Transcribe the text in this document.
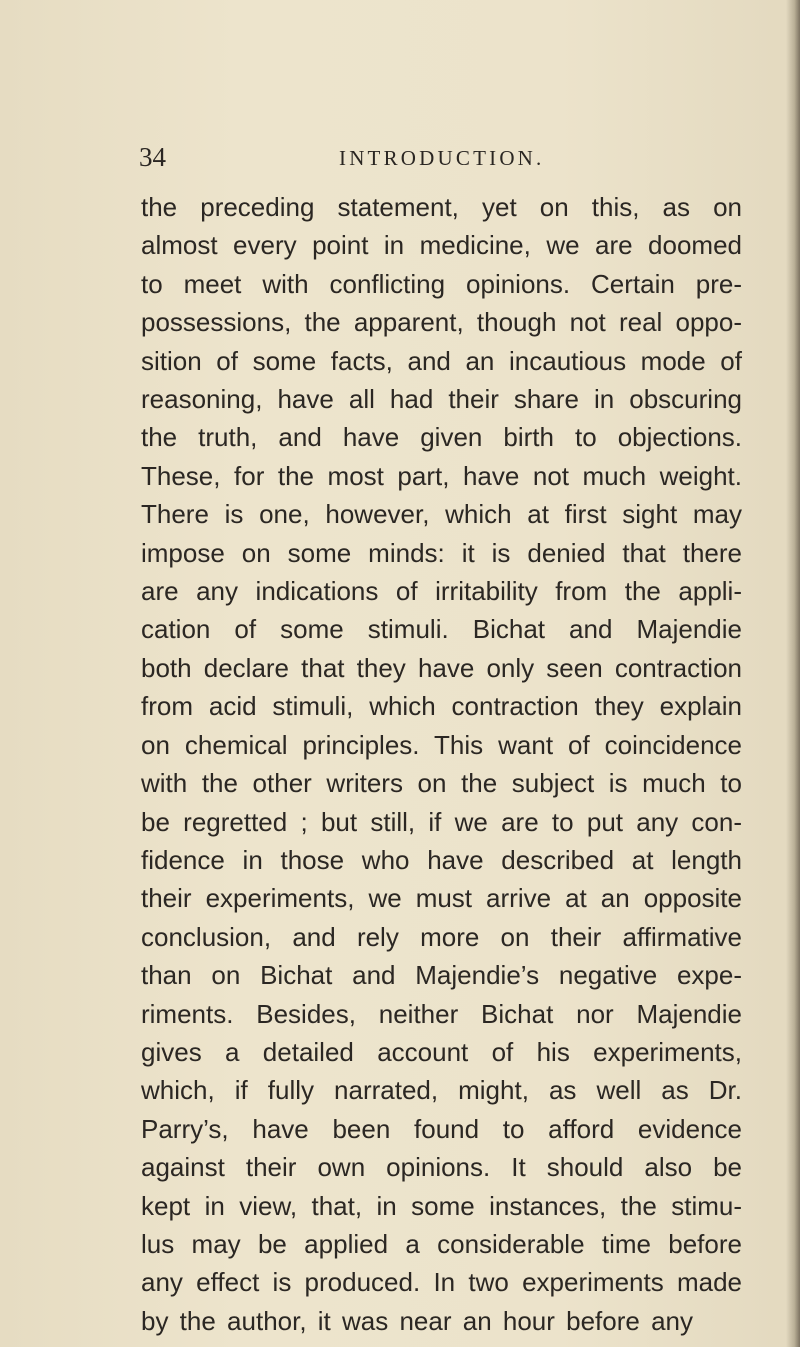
34	INTRODUCTION.
the preceding statement, yet on this, as on
almost every point in medicine, we are doomed
to meet with conflicting opinions. Certain pre-
possessions, the apparent, though not real oppo-
sition of some facts, and an incautious mode of
reasoning, have all had their share in obscuring
the truth, and have given birth to objections.
These, for the most part, have not much weight.
There is one, however, which at first sight may
impose on some minds: it is denied that there
are any indications of irritability from the appli-
cation of some stimuli. Bichat and Majendie
both declare that they have only seen contraction
from acid stimuli, which contraction they explain
on chemical principles. This want of coincidence
with the other writers on the subject is much to
be regretted ; but still, if we are to put any con-
fidence in those who have described at length
their experiments, we must arrive at an opposite
conclusion, and rely more on their affirmative
than on Bichat and Majendie’s negative expe-
riments. Besides, neither Bichat nor Majendie
gives a detailed account of his experiments,
which, if fully narrated, might, as well as Dr.
Parry’s, have been found to afford evidence
against their own opinions. It should also be
kept in view, that, in some instances, the stimu-
lus may be applied a considerable time before
any effect is produced. In two experiments made
by the author, it was near an hour before any
